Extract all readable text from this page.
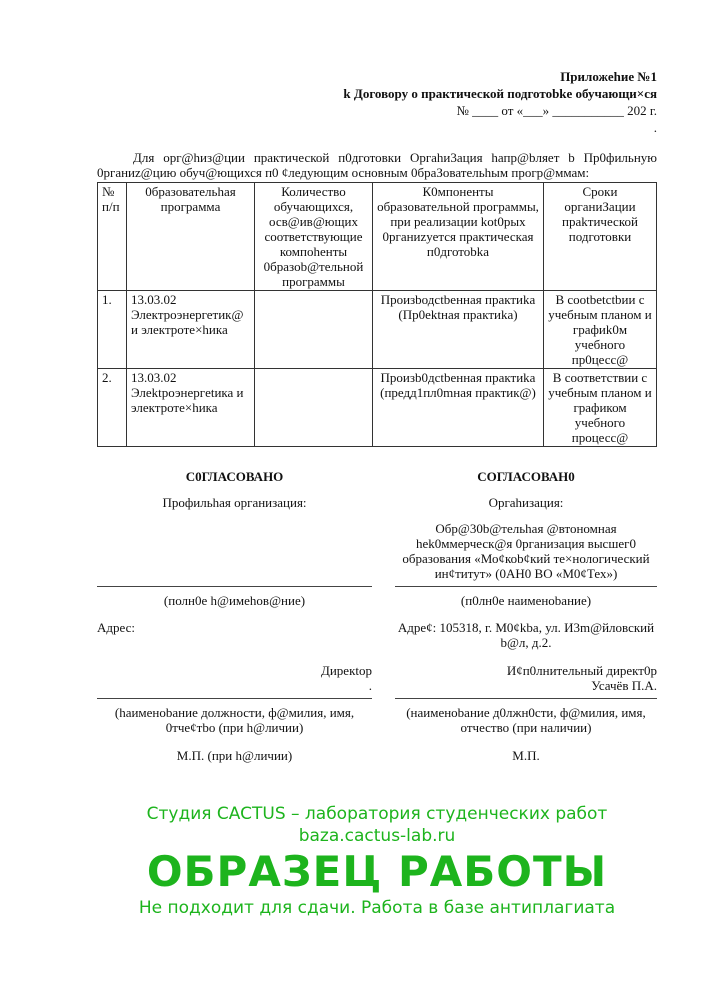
Приложehие №1
k Договору о практической подготоbke обучающи×ся
№ ____ от «___» ___________ 202 г.
.
Для орг@hиз@ции практической п0дготовки Оргahи3ация hапр@bляет b Пр0фильную 0рганиz@цию обуч@ющихся п0 ¢ледующим основным 0браЗовательhым прогр@ммам:
№ п/п	0бразовательhая программа	Количество обучающихся, осв@ив@ющих соответствующие компоhенты 0бразоb@тельной программы	К0мпоненты образовательной программы, при реализации kot0рых 0рганиzуется практическая п0дготоbka	Сроки органиЗации праkтической подготовки
1.	13.03.02 Электроэнергетик@ и электроте×hика		Произbодctbенная практиka (Пр0ektная практиka)	В cootbetctbии с учебным планом и графиk0м учебного пр0цесс@
2.	13.03.02 Элеktроэнергetика и электроте×hика		Произb0дctbенная практиka (предд1пл0mная практик@)	В соответствии с учебным планом и графиком учебного процесс@
С0ГЛАСОВАНО	СОГЛАСОВАН0
Профильhая организация:	Оргаhизация:
Обр@30b@тельhая @втономная hek0ммерческ@я 0рганизация высшег0 образования «Мо¢коb¢кий те×нологический ин¢титут» (0АН0 ВО «М0¢Тех»)
(полн0е h@имеhов@ние)	(п0лн0е наименоbание)
Адрес:	Адре¢: 105318, г. М0¢kba, ул. И3m@йловский b@л, д.2.
Дирекtор
.
И¢п0лнительный директ0р
Усачёв П.А.
(hаименоbание должности, ф@милия, имя, 0тче¢тbо (при h@личии)
(наименоbание д0лжн0сти, ф@милия, имя, отчество (при наличии)
М.П. (при h@личии)	М.П.
Студия CACTUS – лаборатория студенческих работ
baza.cactus-lab.ru
ОБРАЗЕЦ РАБОТЫ
Не подходит для сдачи. Работа в базе антиплагиата
